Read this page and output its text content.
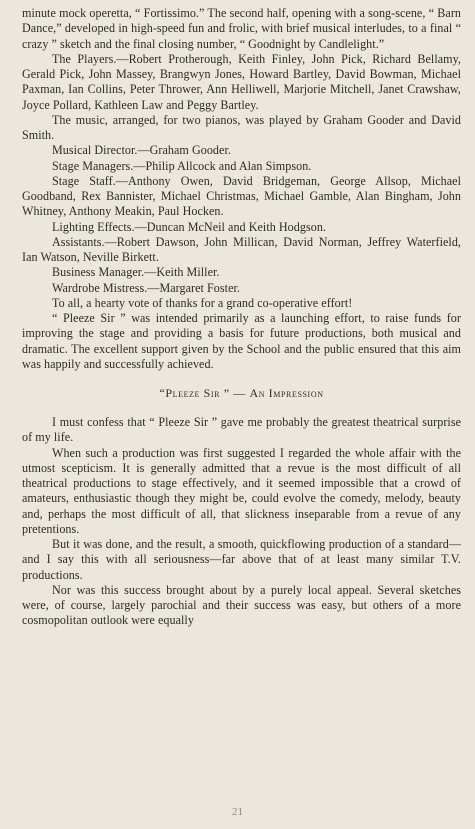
minute mock operetta, “ Fortissimo.” The second half, opening with a song-scene, “ Barn Dance,” developed in high-speed fun and frolic, with brief musical interludes, to a final “ crazy ” sketch and the final closing number, “ Goodnight by Candlelight.”

The Players.—Robert Protherough, Keith Finley, John Pick, Richard Bellamy, Gerald Pick, John Massey, Brangwyn Jones, Howard Bartley, David Bowman, Michael Paxman, Ian Collins, Peter Thrower, Ann Helliwell, Marjorie Mitchell, Janet Crawshaw, Joyce Pollard, Kathleen Law and Peggy Bartley.

The music, arranged, for two pianos, was played by Graham Gooder and David Smith.

Musical Director.—Graham Gooder.

Stage Managers.—Philip Allcock and Alan Simpson.

Stage Staff.—Anthony Owen, David Bridgeman, George Allsop, Michael Goodband, Rex Bannister, Michael Christmas, Michael Gamble, Alan Bingham, John Whitney, Anthony Meakin, Paul Hocken.

Lighting Effects.—Duncan McNeil and Keith Hodgson.

Assistants.—Robert Dawson, John Millican, David Norman, Jeffrey Waterfield, Ian Watson, Neville Birkett.

Business Manager.—Keith Miller.

Wardrobe Mistress.—Margaret Foster.

To all, a hearty vote of thanks for a grand co-operative effort!

“ Pleeze Sir ” was intended primarily as a launching effort, to raise funds for improving the stage and providing a basis for future productions, both musical and dramatic. The excellent support given by the School and the public ensured that this aim was happily and successfully achieved.

“Pleeze Sir ” — An Impression

I must confess that “ Pleeze Sir ” gave me probably the greatest theatrical surprise of my life.

When such a production was first suggested I regarded the whole affair with the utmost scepticism. It is generally admitted that a revue is the most difficult of all theatrical productions to stage effectively, and it seemed impossible that a crowd of amateurs, enthusiastic though they might be, could evolve the comedy, melody, beauty and, perhaps the most difficult of all, that slickness inseparable from a revue of any pretentions.

But it was done, and the result, a smooth, quickflowing production of a standard—and I say this with all seriousness—far above that of at least many similar T.V. productions.

Nor was this success brought about by a purely local appeal. Several sketches were, of course, largely parochial and their success was easy, but others of a more cosmopolitan outlook were equally

21
